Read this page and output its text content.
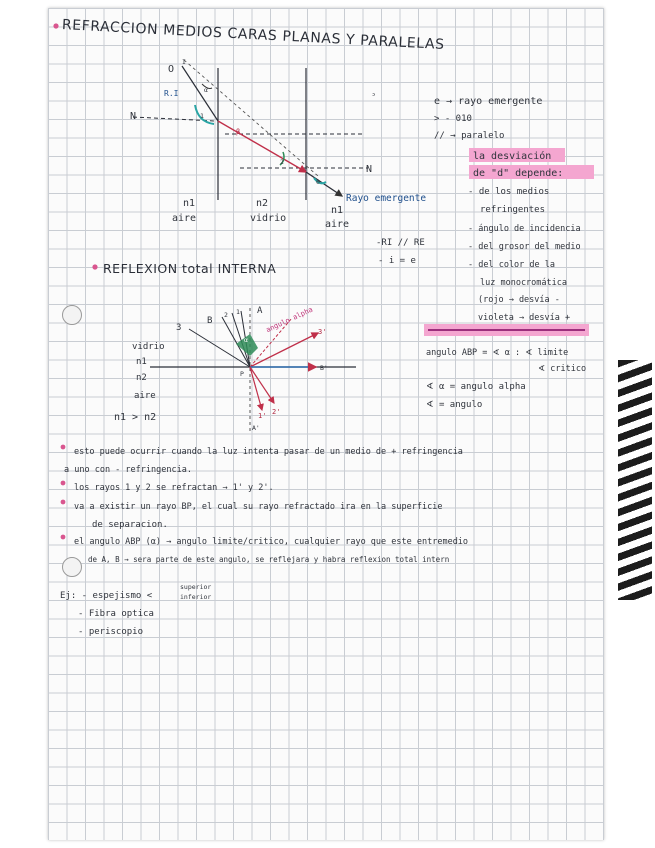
REFRACCION MEDIOS CARAS PLANAS Y PARALELAS
O
I
R.I
N
N
α
1
β
2
θ
ↄ
Rayo emergente
n1
aire
n2
vidrio
n1
aire
e → rayo emergente
> - 010
// → paralelo
la desviación
de "d" depende:
- de los medios
refringentes
- ángulo de incidencia
- del grosor del medio
- del color de la
luz monocromática
(rojo → desvía -
violeta → desvía +
-RI // RE
- i = e
REFLEXION total INTERNA
vidrio
n1
n2
aire
n1 > n2
A
B
3
2 1
3'
P
B'
A'
1' 2'
α
angulo alpha
angulo ABP = ∢ α : ∢ limite
∢ critico
∢ α = angulo alpha
∢ = angulo
esto puede ocurrir cuando la luz intenta pasar de un medio de + refringencia
a uno con - refringencia.
los rayos 1 y 2 se refractan → 1' y 2'.
va a existir un rayo BP, el cual su rayo refractado ira en la superficie
de separacion.
el angulo ABP (α) → angulo limite/critico, cualquier rayo que este entremedio
de A, B → sera parte de este angulo, se reflejara y habra reflexion total intern
Ej: - espejismo <
superior
inferior
- Fibra optica
- periscopio
